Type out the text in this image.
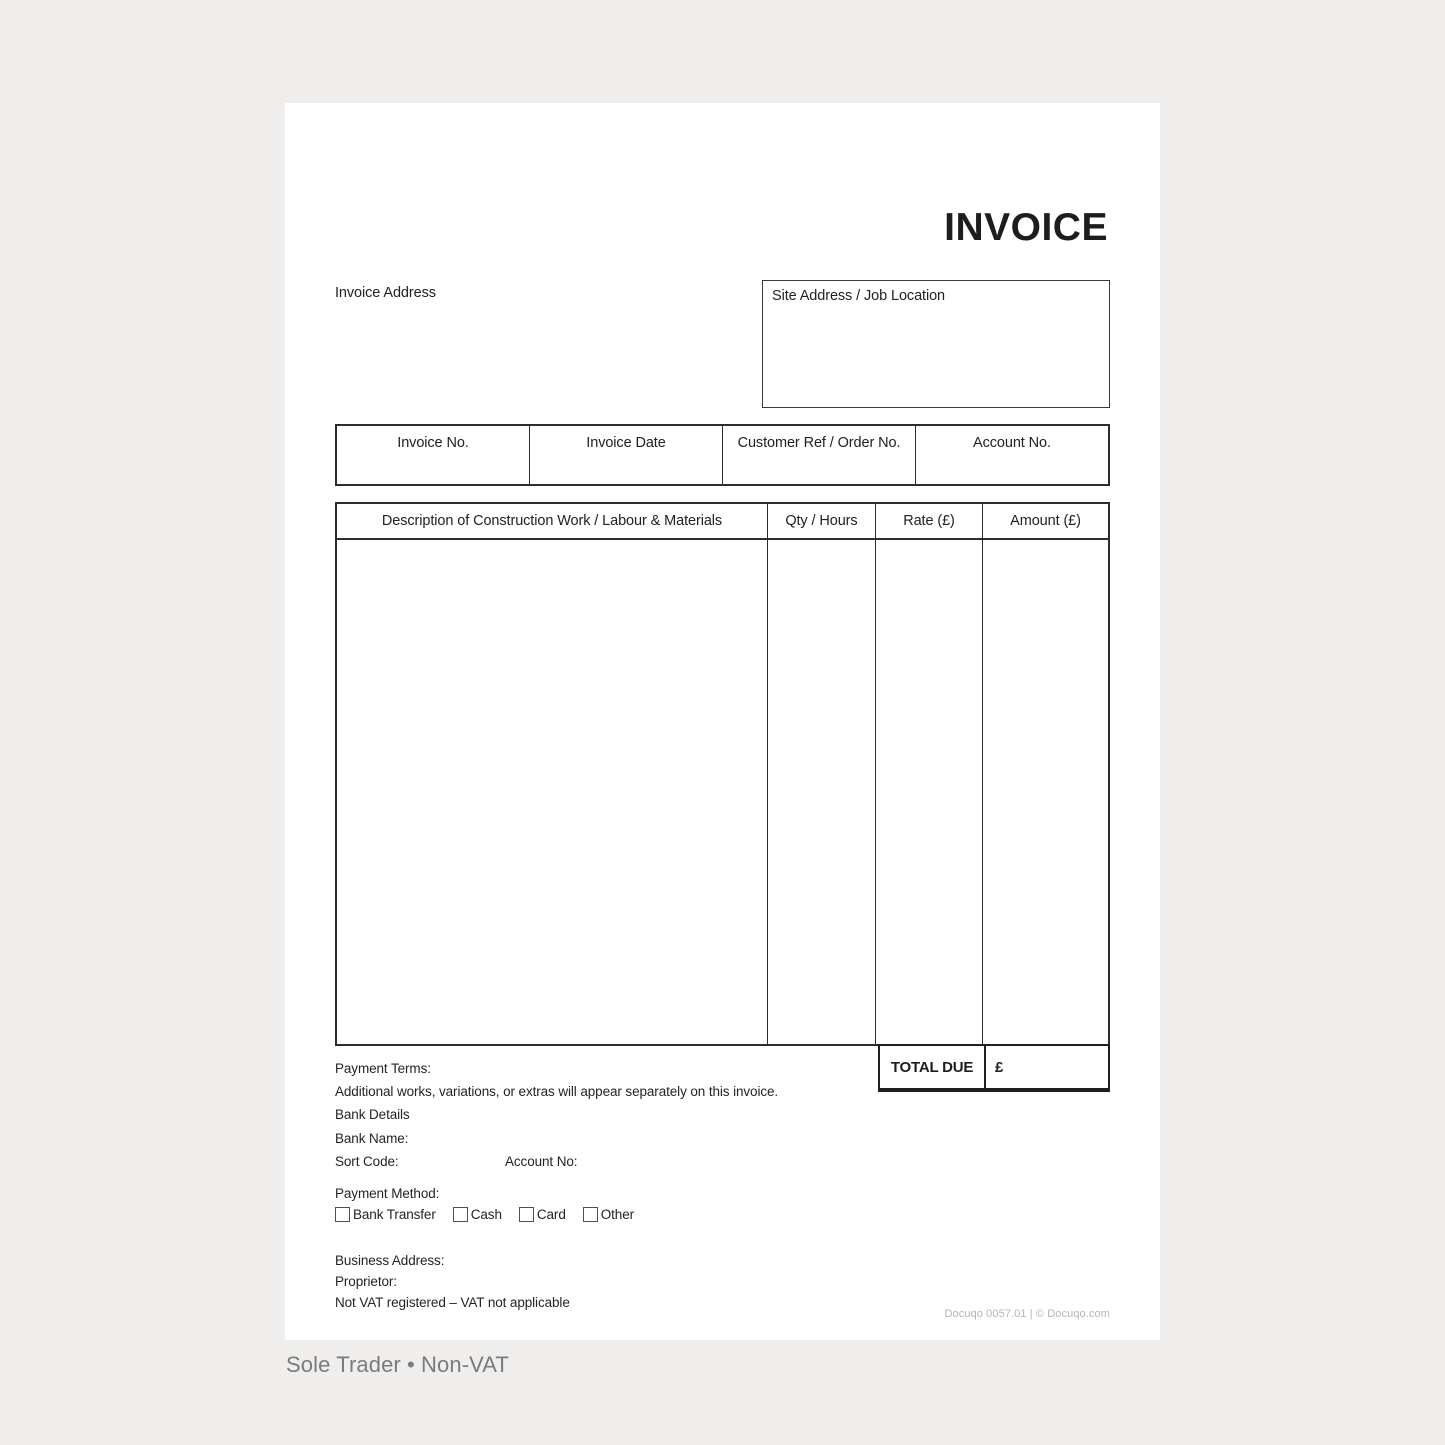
INVOICE
Invoice Address	Site Address / Job Location
Invoice No.	Invoice Date	Customer Ref / Order No.	Account No.
Description of Construction Work / Labour & Materials	Qty / Hours	Rate (£)	Amount (£)
TOTAL DUE	£
Payment Terms:
Additional works, variations, or extras will appear separately on this invoice.
Bank Details
Bank Name:
Sort Code:	Account No:
Payment Method:
Bank Transfer	Cash	Card	Other
Business Address:
Proprietor:
Not VAT registered – VAT not applicable
Docuqo 0057.01 | © Docuqo.com
Sole Trader • Non-VAT
